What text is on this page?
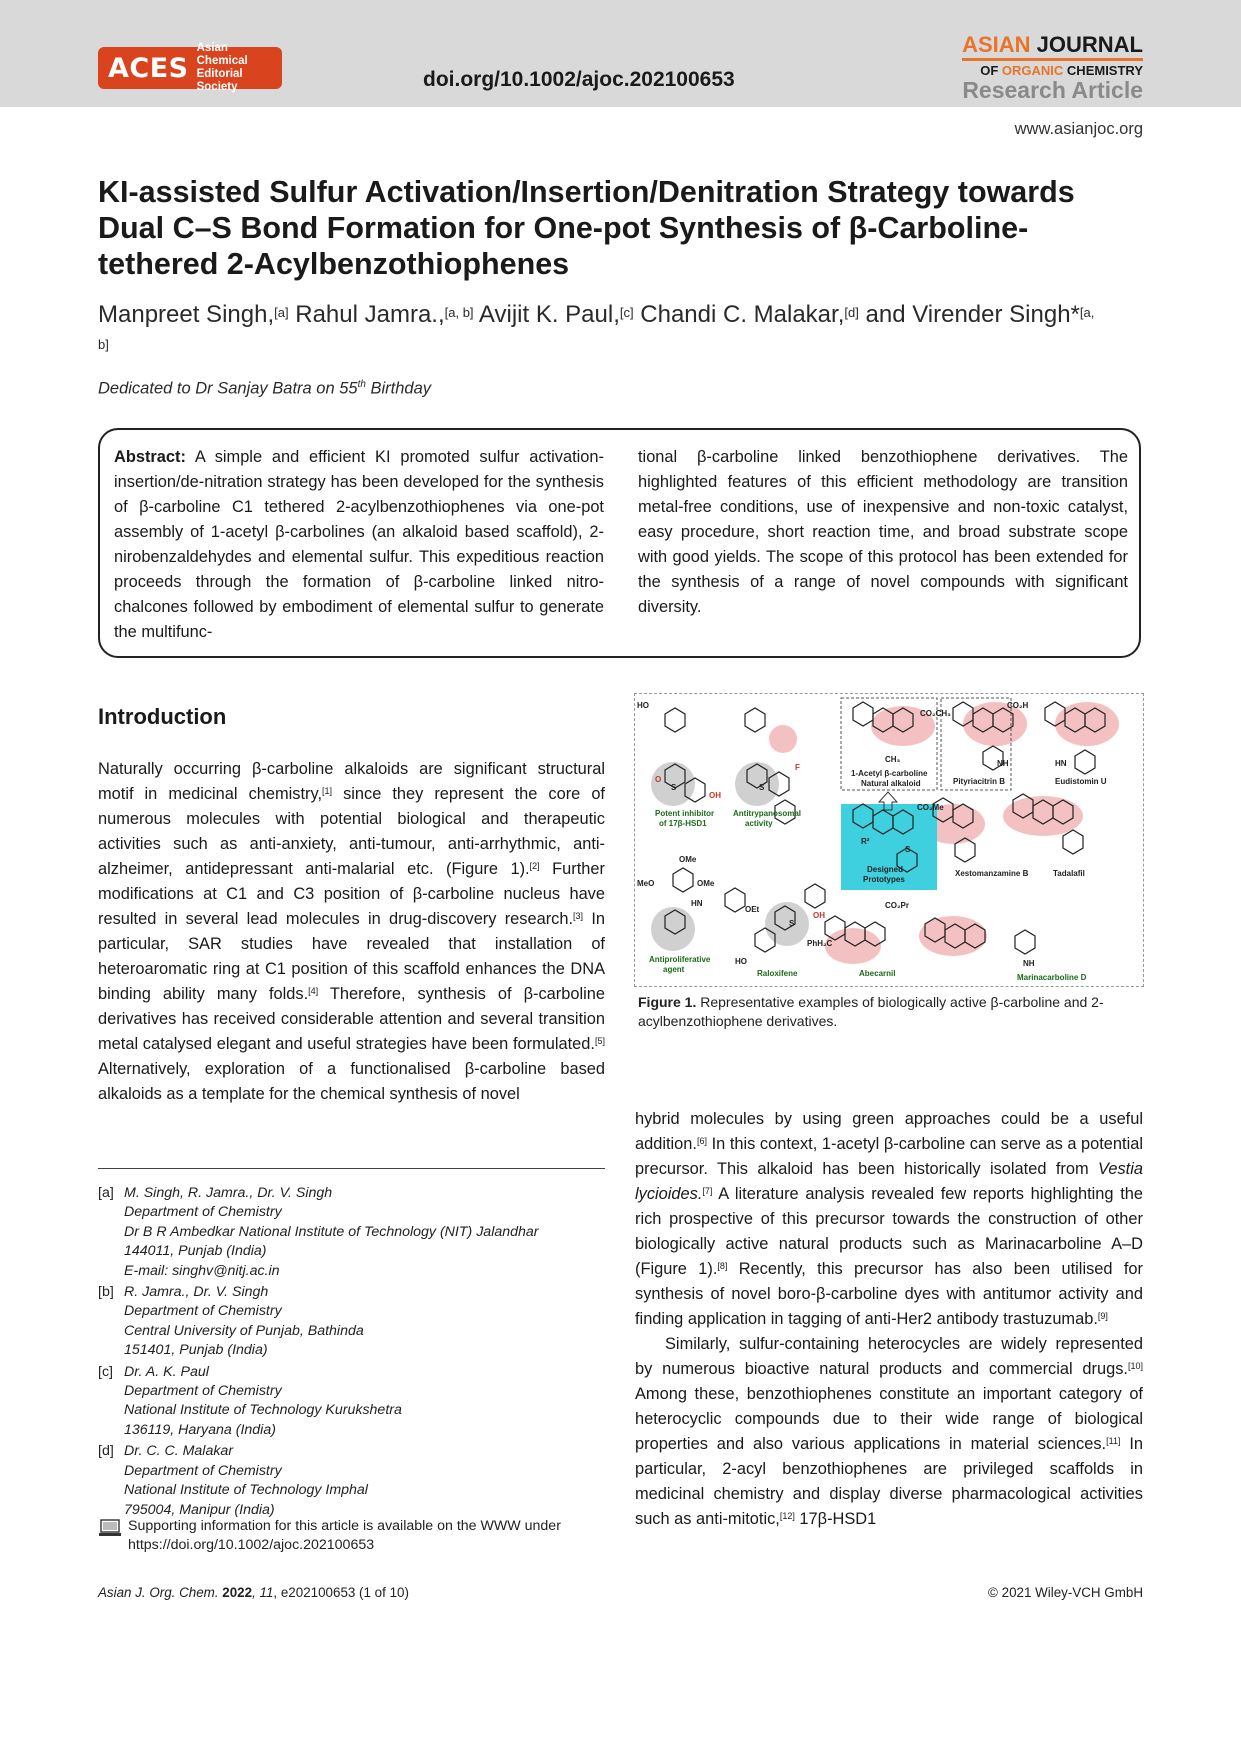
ACES
Asian Chemical
Editorial Society	doi.org/10.1002/ajoc.202100653
ASIAN JOURNAL
OF ORGANIC CHEMISTRY
Research Article
www.asianjoc.org
KI-assisted Sulfur Activation/Insertion/Denitration Strategy towards Dual C–S Bond Formation for One-pot Synthesis of β-Carboline-tethered 2-Acylbenzothiophenes
Manpreet Singh,[a] Rahul Jamra.,[a, b] Avijit K. Paul,[c] Chandi C. Malakar,[d] and Virender Singh*[a, b]
Dedicated to Dr Sanjay Batra on 55th Birthday

Abstract: A simple and efficient KI promoted sulfur activation-insertion/de-nitration strategy has been developed for the synthesis of β-carboline C1 tethered 2-acylbenzothiophenes via one-pot assembly of 1-acetyl β-carbolines (an alkaloid based scaffold), 2-nirobenzaldehydes and elemental sulfur. This expeditious reaction proceeds through the formation of β-carboline linked nitro-chalcones followed by embodiment of elemental sulfur to generate the multifunc-

tional β-carboline linked benzothiophene derivatives. The highlighted features of this efficient methodology are transition metal-free conditions, use of inexpensive and non-toxic catalyst, easy procedure, short reaction time, and broad substrate scope with good yields. The scope of this protocol has been extended for the synthesis of a range of novel compounds with significant diversity.

Introduction

Naturally occurring β-carboline alkaloids are significant structural motif in medicinal chemistry,[1] since they represent the core of numerous molecules with potential biological and therapeutic activities such as anti-anxiety, anti-tumour, anti-arrhythmic, anti-alzheimer, antidepressant anti-malarial etc. (Figure 1).[2] Further modifications at C1 and C3 position of β-carboline nucleus have resulted in several lead molecules in drug-discovery research.[3] In particular, SAR studies have revealed that installation of heteroaromatic ring at C1 position of this scaffold enhances the DNA binding ability many folds.[4] Therefore, synthesis of β-carboline derivatives has received considerable attention and several transition metal catalysed elegant and useful strategies have been formulated.[5] Alternatively, exploration of a functionalised β-carboline based alkaloids as a template for the chemical synthesis of novel

[a] M. Singh, R. Jamra., Dr. V. Singh
Department of Chemistry
Dr B R Ambedkar National Institute of Technology (NIT) Jalandhar
144011, Punjab (India)
E-mail: singhv@nitj.ac.in
[b] R. Jamra., Dr. V. Singh
Department of Chemistry
Central University of Punjab, Bathinda
151401, Punjab (India)
[c] Dr. A. K. Paul
Department of Chemistry
National Institute of Technology Kurukshetra
136119, Haryana (India)
[d] Dr. C. C. Malakar
Department of Chemistry
National Institute of Technology Imphal
795004, Manipur (India)
Supporting information for this article is available on the WWW under https://doi.org/10.1002/ajoc.202100653
HO
OH
O
S
F
S
CO₂CH₃
CH₃
CO₂H
NH	HN
CO₂Me
R²
S
OMe
MeO	OMe
HN
OEt
HO
OH
S
PhH₂C
CO₂Pr
NH
Potent inhibitor
of 17β-HSD1
Antitrypanosomal
activity
1-Acetyl β-carboline
Natural alkaloid	Pityriacitrin B	Eudistomin U
Antiproliferative
agent	Raloxifene
Designed
Prototypes
Abecarnil
Xestomanzamine B	Tadalafil
Marinacarboline D
Figure 1. Representative examples of biologically active β-carboline and 2-acylbenzothiophene derivatives.

hybrid molecules by using green approaches could be a useful addition.[6] In this context, 1-acetyl β-carboline can serve as a potential precursor. This alkaloid has been historically isolated from Vestia lycioides.[7] A literature analysis revealed few reports highlighting the rich prospective of this precursor towards the construction of other biologically active natural products such as Marinacarboline A–D (Figure 1).[8] Recently, this precursor has also been utilised for synthesis of novel boro-β-carboline dyes with antitumor activity and finding application in tagging of anti-Her2 antibody trastuzumab.[9]

Similarly, sulfur-containing heterocycles are widely represented by numerous bioactive natural products and commercial drugs.[10] Among these, benzothiophenes constitute an important category of heterocyclic compounds due to their wide range of biological properties and also various applications in material sciences.[11] In particular, 2-acyl benzothiophenes are privileged scaffolds in medicinal chemistry and display diverse pharmacological activities such as anti-mitotic,[12] 17β-HSD1

Asian J. Org. Chem. 2022, 11, e202100653 (1 of 10)	© 2021 Wiley-VCH GmbH
